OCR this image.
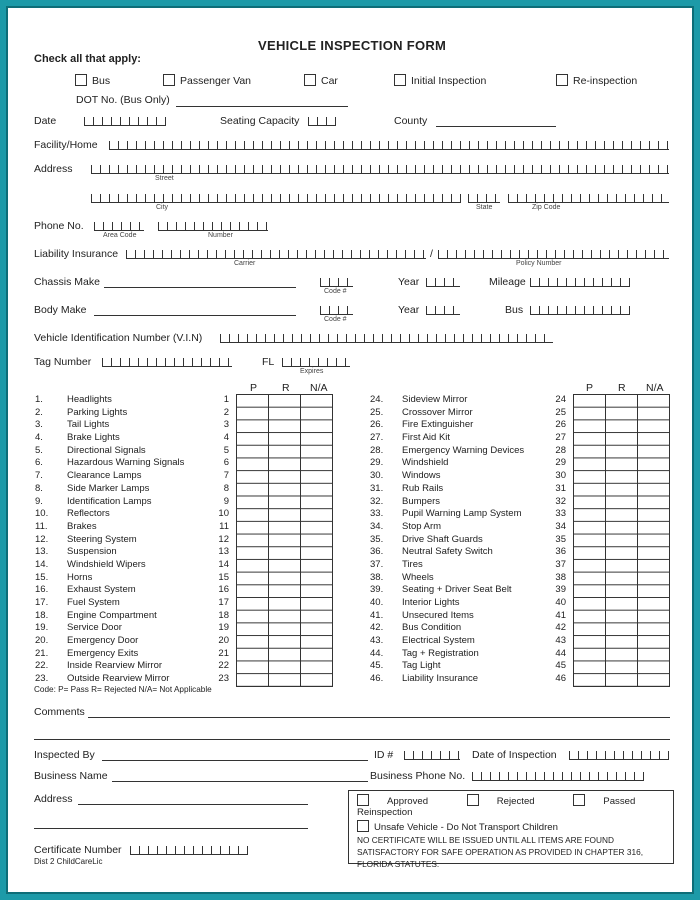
VEHICLE INSPECTION FORM
Check all that apply:
Bus	Passenger Van	Car	Initial Inspection	Re-inspection
DOT No. (Bus Only)
Date	Seating Capacity	County
Facility/Home
Address
Street
City	State	Zip Code
Phone No.
Area Code	Number
Liability Insurance	/
Carrier	Policy Number
Chassis Make
Code #
Year	Mileage
Body Make
Code #
Year	Bus
Vehicle Identification Number (V.I.N)
Tag Number	FL
Expires
P R N/A	P R N/A
1.	Headlights	1
2.	Parking Lights	2
3.	Tail Lights	3
4.	Brake Lights	4
5.	Directional Signals	5
6.	Hazardous Warning Signals	6
7.	Clearance Lamps	7
8.	Side Marker Lamps	8
9.	Identification Lamps	9
10. Reflectors	10
11. Brakes	11
12. Steering System	12
13. Suspension	13
14. Windshield Wipers	14
15. Horns	15
16. Exhaust System	16
17. Fuel System	17
18. Engine Compartment	18
19. Service Door	19
20. Emergency Door	20
21. Emergency Exits	21
22. Inside Rearview Mirror	22
23. Outside Rearview Mirror	23
24. Sideview Mirror	24
25. Crossover Mirror	25
26. Fire Extinguisher	26
27. First Aid Kit	27
28. Emergency Warning Devices	28
29. Windshield	29
30. Windows	30
31. Rub Rails	31
32. Bumpers	32
33. Pupil Warning Lamp System	33
34. Stop Arm	34
35. Drive Shaft Guards	35
36. Neutral Safety Switch	36
37. Tires	37
38. Wheels	38
39. Seating + Driver Seat Belt	39
40. Interior Lights	40
41. Unsecured Items	41
42. Bus Condition	42
43. Electrical System	43
44. Tag + Registration	44
45. Tag Light	45
46. Liability Insurance	46
Code: P= Pass R= Rejected N/A= Not Applicable
Comments
Inspected By	ID #	Date of Inspection
Business Name	Business Phone No.
Address
Certificate Number
Dist 2 ChildCareLic
Approved	Rejected	Passed Reinspection
Unsafe Vehicle - Do Not Transport Children
NO CERTIFICATE WILL BE ISSUED UNTIL ALL ITEMS ARE FOUND SATISFACTORY FOR SAFE OPERATION AS PROVIDED IN CHAPTER 316, FLORIDA STATUTES.
